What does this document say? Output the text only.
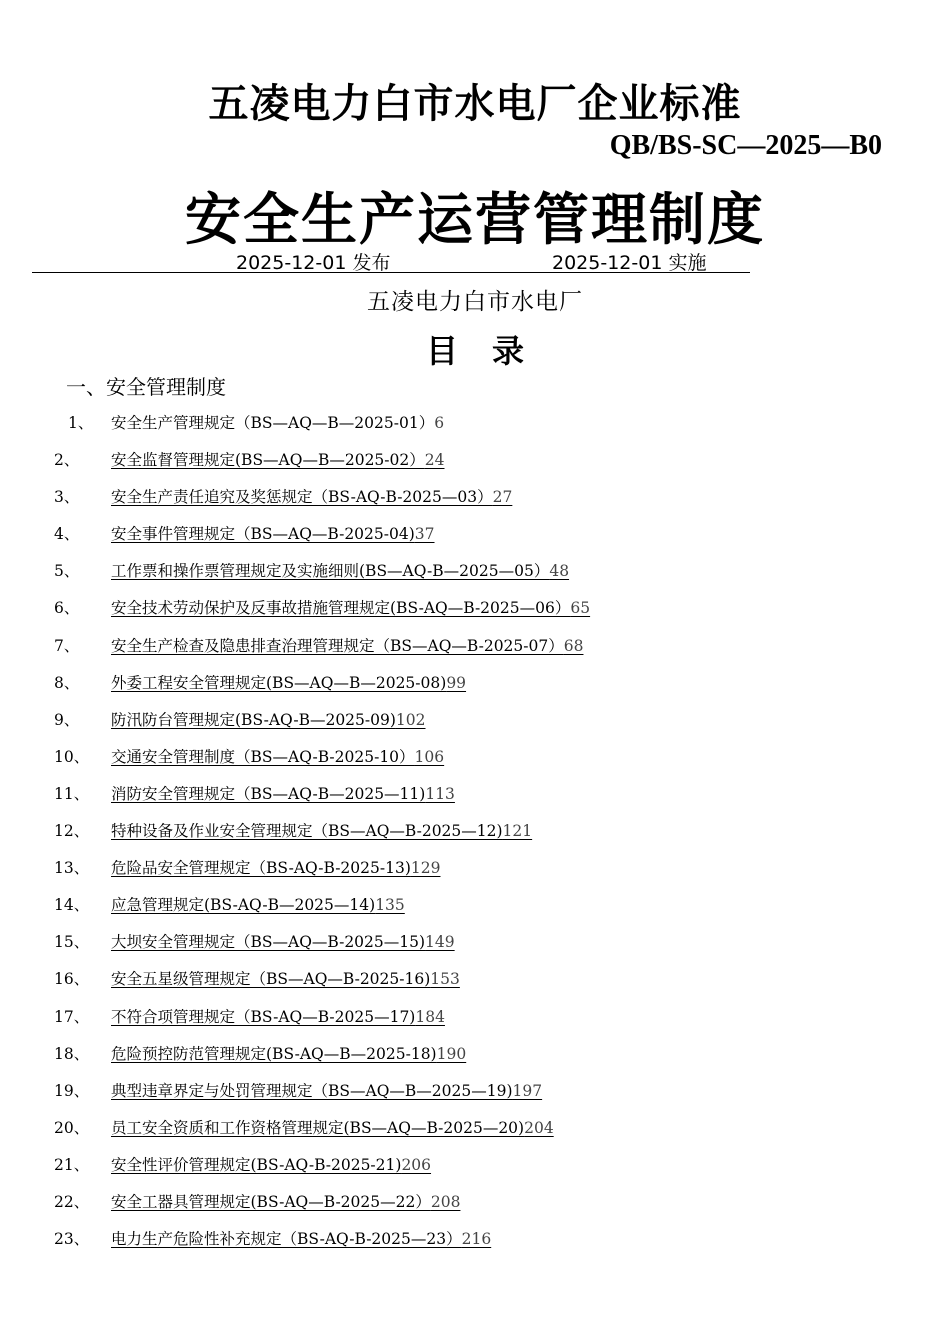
五凌电力白市水电厂企业标准
QB/BS-SC—2025—B0
安全生产运营管理制度
2025-12-01 发布	2025-12-01 实施
五凌电力白市水电厂
目录
一、安全管理制度
1、 安全生产管理规定（BS—AQ—B—2025-01）6
2、 安全监督管理规定(BS—AQ—B—2025-02）24
3、 安全生产责任追究及奖惩规定（BS-AQ-B-2025—03）27
4、 安全事件管理规定（BS—AQ—B-2025-04)37
5、 工作票和操作票管理规定及实施细则(BS—AQ-B—2025—05）48
6、 安全技术劳动保护及反事故措施管理规定(BS-AQ—B-2025—06）65
7、 安全生产检查及隐患排查治理管理规定（BS—AQ—B-2025-07）68
8、 外委工程安全管理规定(BS—AQ—B—2025-08)99
9、 防汛防台管理规定(BS-AQ-B—2025-09)102
10、 交通安全管理制度（BS—AQ-B-2025-10）106
11、 消防安全管理规定（BS—AQ-B—2025—11)113
12、 特种设备及作业安全管理规定（BS—AQ—B-2025—12)121
13、 危险品安全管理规定（BS-AQ-B-2025-13)129
14、 应急管理规定(BS-AQ-B—2025—14)135
15、 大坝安全管理规定（BS—AQ—B-2025—15)149
16、 安全五星级管理规定（BS—AQ—B-2025-16)153
17、 不符合项管理规定（BS-AQ—B-2025—17)184
18、 危险预控防范管理规定(BS-AQ—B—2025-18)190
19、 典型违章界定与处罚管理规定（BS—AQ—B—2025—19)197
20、 员工安全资质和工作资格管理规定(BS—AQ—B-2025—20)204
21、 安全性评价管理规定(BS-AQ-B-2025-21)206
22、 安全工器具管理规定(BS-AQ—B-2025—22）208
23、 电力生产危险性补充规定（BS-AQ-B-2025—23）216
